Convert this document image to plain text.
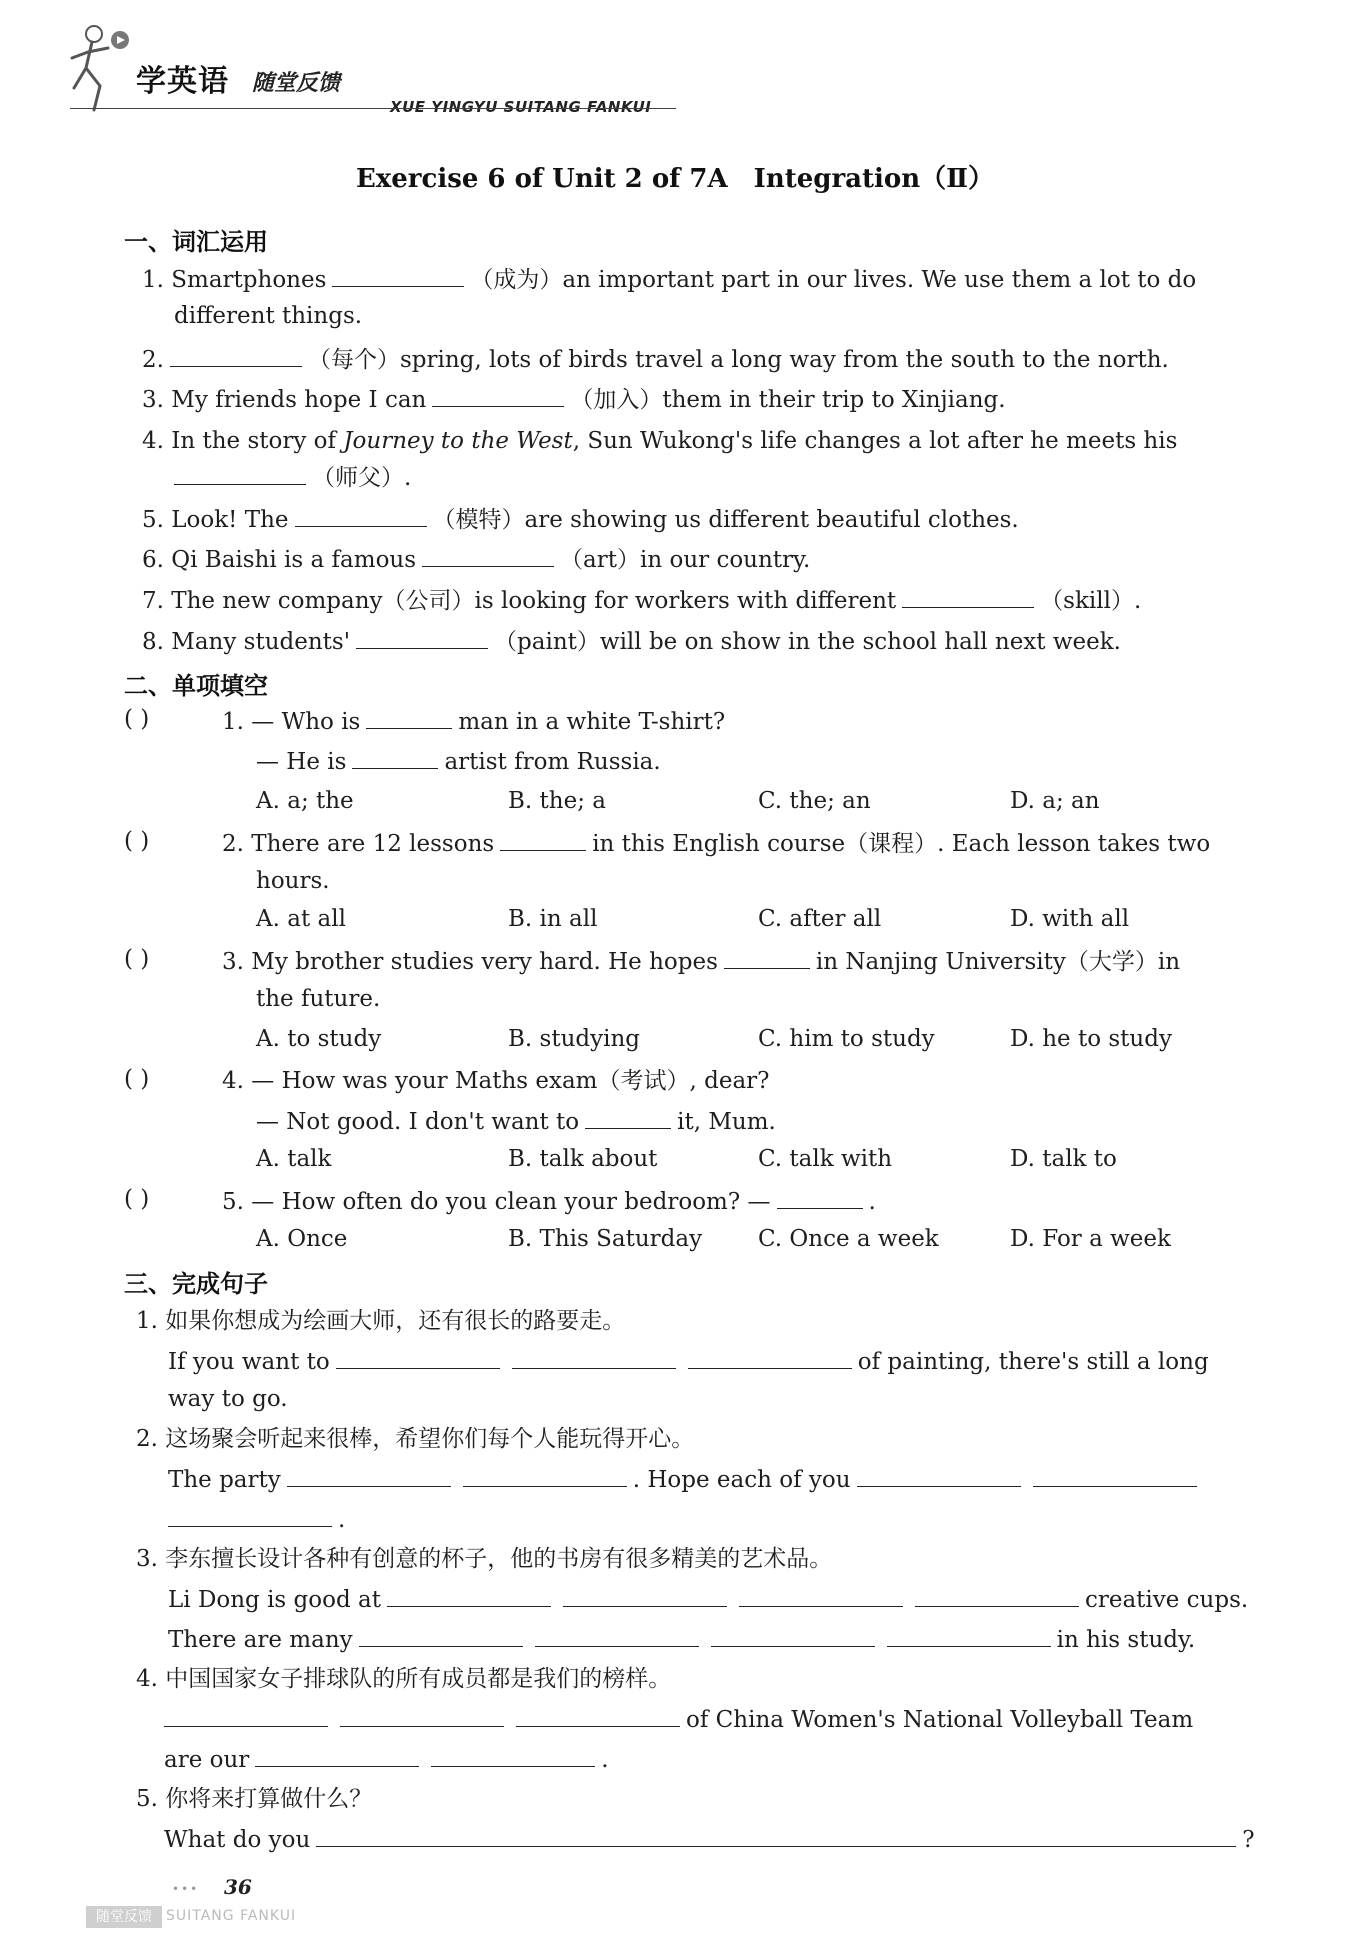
学英语 随堂反馈
XUE YINGYU SUITANG FANKUI
Exercise 6 of Unit 2 of 7A Integration（Ⅱ）
一、词汇运用
1. Smartphones	（成为）an important part in our lives. We use them a lot to do
different things.
2.	（每个）spring, lots of birds travel a long way from the south to the north.
3. My friends hope I can	（加入）them in their trip to Xinjiang.
4. In the story of Journey to the West, Sun Wukong's life changes a lot after he meets his
（师父）.
5. Look! The	（模特）are showing us different beautiful clothes.
6. Qi Baishi is a famous	（art）in our country.
7. The new company（公司）is looking for workers with different	（skill）.
8. Many students'	（paint）will be on show in the school hall next week.
二、单项填空
( )	1. — Who is	man in a white T-shirt?
— He is	artist from Russia.
A. a; the	B. the; a	C. the; an	D. a; an
( )	2. There are 12 lessons	in this English course（课程）. Each lesson takes two
hours.
A. at all	B. in all	C. after all	D. with all
( )	3. My brother studies very hard. He hopes	in Nanjing University（大学）in
the future.
A. to study	B. studying	C. him to study	D. he to study
( )	4. — How was your Maths exam（考试）, dear?
— Not good. I don't want to	it, Mum.
A. talk	B. talk about	C. talk with	D. talk to
( )	5. — How often do you clean your bedroom? —	.
A. Once	B. This Saturday C. Once a week	D. For a week
三、完成句子
1. 如果你想成为绘画大师，还有很长的路要走。
If you want to	of painting, there's still a long
way to go.
2. 这场聚会听起来很棒，希望你们每个人能玩得开心。
The party	. Hope each of you
.
3. 李东擅长设计各种有创意的杯子，他的书房有很多精美的艺术品。
Li Dong is good at	creative cups.
There are many	in his study.
4. 中国国家女子排球队的所有成员都是我们的榜样。
of China Women's National Volleyball Team
are our	.
5. 你将来打算做什么？
What do you	?
••• 36
随堂反馈	SUITANG FANKUI
